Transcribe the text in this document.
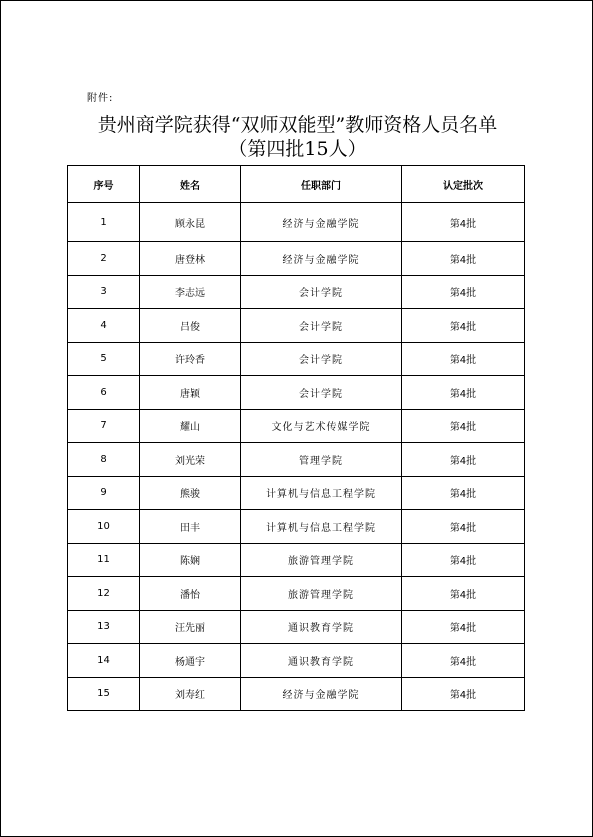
附件:
贵州商学院获得“双师双能型”教师资格人员名单
（第四批15人）
序号	姓名	任职部门	认定批次
1	顾永昆	经济与金融学院	第4批
2	唐登林	经济与金融学院	第4批
3	李志远	会计学院	第4批
4	吕俊	会计学院	第4批
5	许玲香	会计学院	第4批
6	唐颖	会计学院	第4批
7	耀山	文化与艺术传媒学院	第4批
8	刘光荣	管理学院	第4批
9	熊骏	计算机与信息工程学院	第4批
10	田丰	计算机与信息工程学院	第4批
11	陈娴	旅游管理学院	第4批
12	潘怡	旅游管理学院	第4批
13	汪先丽	通识教育学院	第4批
14	杨通宇	通识教育学院	第4批
15	刘寿红	经济与金融学院	第4批
